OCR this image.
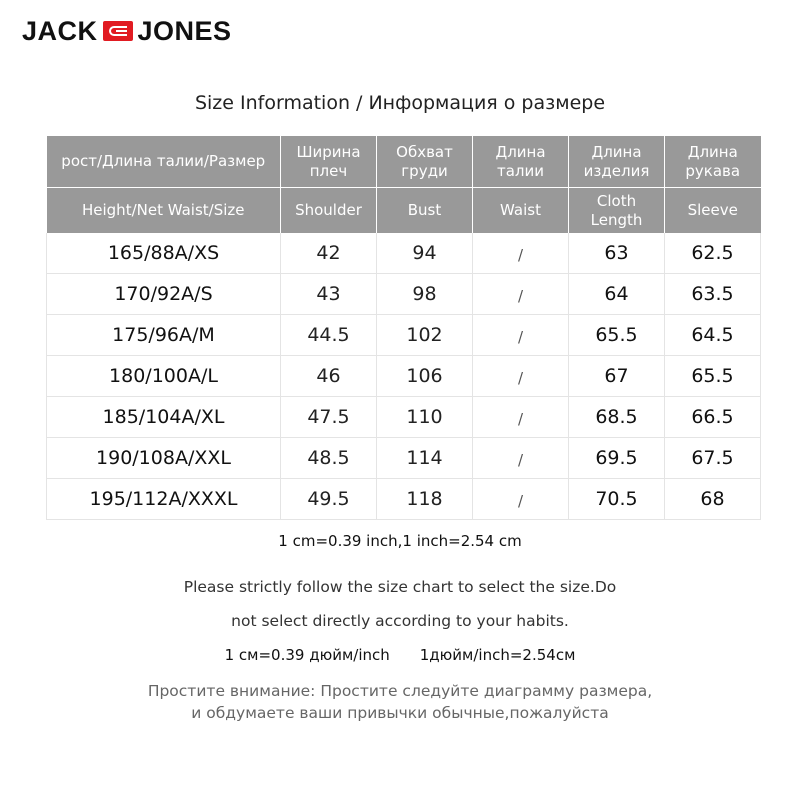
JACK JONES
Size Information / Информация о размере
рост/Длина талии/Размер	Ширина плеч	Обхват груди	Длина талии	Длина изделия	Длина рукава
Height/Net Waist/Size	Shoulder	Bust	Waist	Cloth Length	Sleeve
165/88A/XS	42	94	/	63	62.5
170/92A/S	43	98	/	64	63.5
175/96A/M	44.5	102	/	65.5	64.5
180/100A/L	46	106	/	67	65.5
185/104A/XL	47.5	110	/	68.5	66.5
190/108A/XXL	48.5	114	/	69.5	67.5
195/112A/XXXL	49.5	118	/	70.5	68
1 cm=0.39 inch,1 inch=2.54 cm
Please strictly follow the size chart to select the size.Do
not select directly according to your habits.
1 см=0.39 дюйм/inch 1дюйм/inch=2.54см
Простите внимание: Простите следуйте диаграмму размера,
и обдумаете ваши привычки обычные,пожалуйста
